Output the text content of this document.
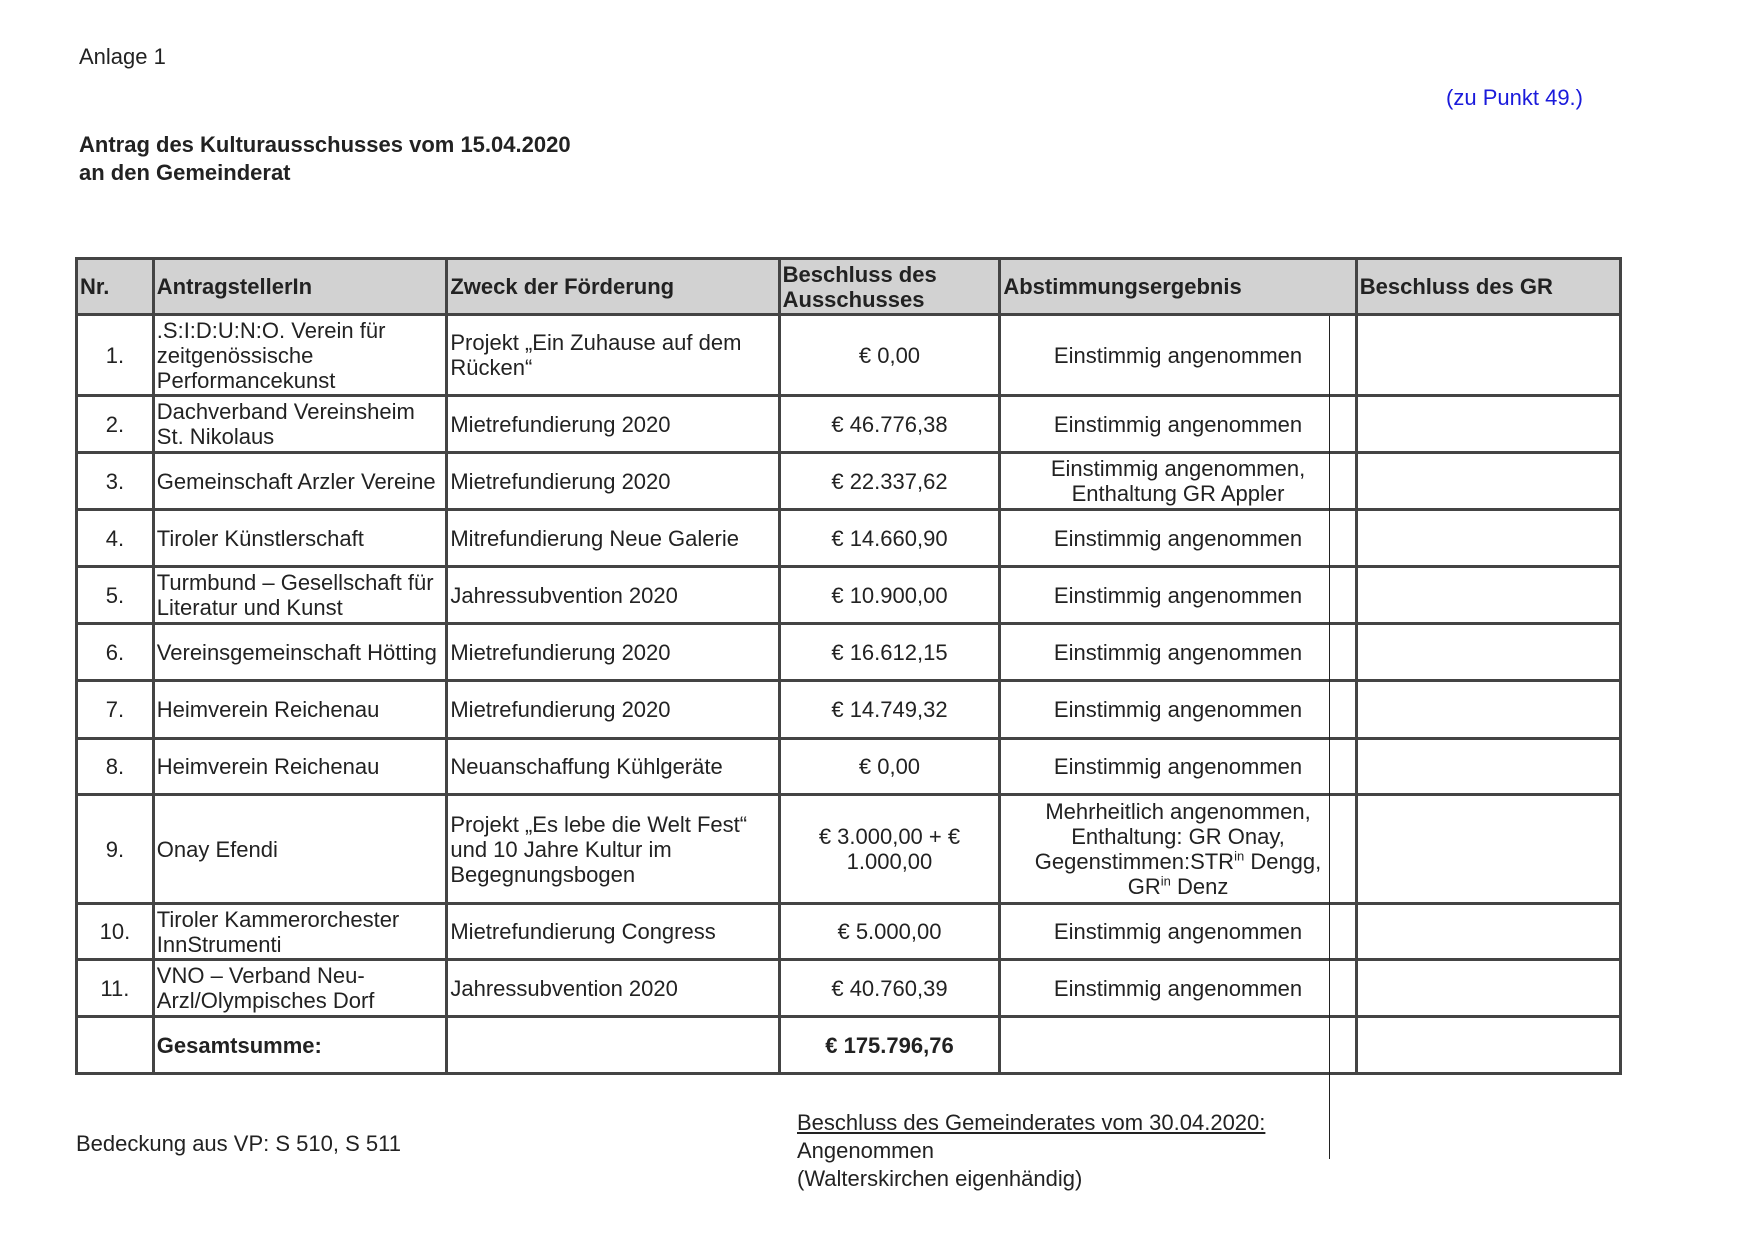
Anlage 1
(zu Punkt 49.)
Antrag des Kulturausschusses vom 15.04.2020
an den Gemeinderat
Nr.	AntragstellerIn	Zweck der Förderung	Beschluss des Ausschusses	Abstimmungsergebnis	Beschluss des GR
1.	.S:I:D:U:N:O. Verein für zeitgenössische Performancekunst	Projekt „Ein Zuhause auf dem Rücken“	€ 0,00	Einstimmig angenommen	
2.	Dachverband Vereinsheim St. Nikolaus	Mietrefundierung 2020	€ 46.776,38	Einstimmig angenommen	
3.	Gemeinschaft Arzler Vereine	Mietrefundierung 2020	€ 22.337,62	Einstimmig angenommen, Enthaltung GR Appler	
4.	Tiroler Künstlerschaft	Mitrefundierung Neue Galerie	€ 14.660,90	Einstimmig angenommen	
5.	Turmbund – Gesellschaft für Literatur und Kunst	Jahressubvention 2020	€ 10.900,00	Einstimmig angenommen	
6.	Vereinsgemeinschaft Hötting	Mietrefundierung 2020	€ 16.612,15	Einstimmig angenommen	
7.	Heimverein Reichenau	Mietrefundierung 2020	€ 14.749,32	Einstimmig angenommen	
8.	Heimverein Reichenau	Neuanschaffung Kühlgeräte	€ 0,00	Einstimmig angenommen	
9.	Onay Efendi	Projekt „Es lebe die Welt Fest“ und 10 Jahre Kultur im Begegnungsbogen	€ 3.000,00 + € 1.000,00	Mehrheitlich angenommen,
Enthaltung: GR Onay,
$Gegenstimmen:STR^{in}$ Dengg,
$GR^{in}$ Denz	
10.	Tiroler Kammerorchester InnStrumenti	Mietrefundierung Congress	€ 5.000,00	Einstimmig angenommen	
11.	VNO – Verband Neu-Arzl/Olympisches Dorf	Jahressubvention 2020	€ 40.760,39	Einstimmig angenommen	
	Gesamtsumme:		€ 175.796,76		
Bedeckung aus VP: S 510, S 511
Beschluss des Gemeinderates vom 30.04.2020:
Angenommen
(Walterskirchen eigenhändig)
